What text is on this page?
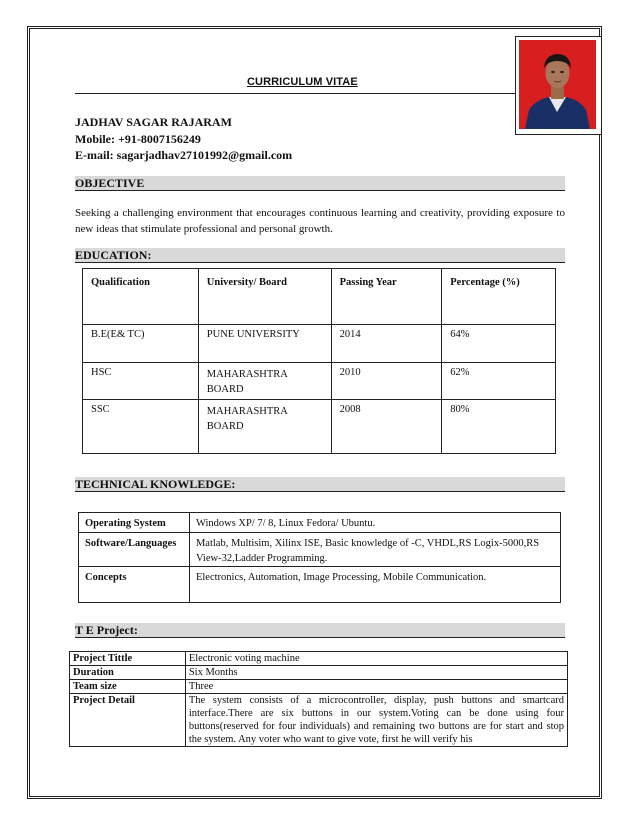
CURRICULUM VITAE
JADHAV SAGAR RAJARAM
Mobile: +91-8007156249
E-mail: sagarjadhav27101992@gmail.com
OBJECTIVE
Seeking a challenging environment that encourages continuous learning and creativity, providing exposure to new ideas that stimulate professional and personal growth.
EDUCATION:
Qualification	University/ Board	Passing Year	Percentage (%)
B.E(E& TC)	PUNE UNIVERSITY	2014	64%
HSC	MAHARASHTRA BOARD	2010	62%
SSC	MAHARASHTRA BOARD	2008	80%
TECHNICAL KNOWLEDGE:
Operating System	Windows XP/ 7/ 8, Linux Fedora/ Ubuntu.
Software/Languages	Matlab, Multisim, Xilinx ISE, Basic knowledge of -C, VHDL,RS Logix-5000,RS View-32,Ladder Programming.
Concepts	Electronics, Automation, Image Processing, Mobile Communication.
T E Project:
Project Tittle	Electronic voting machine
Duration	Six Months
Team size	Three
Project Detail	The system consists of a microcontroller, display, push buttons and smartcard interface.There are six buttons in our system.Voting can be done using four buttons(reserved for four individuals) and remaining two buttons are for start and stop the system. Any voter who want to give vote, first he will verify his
